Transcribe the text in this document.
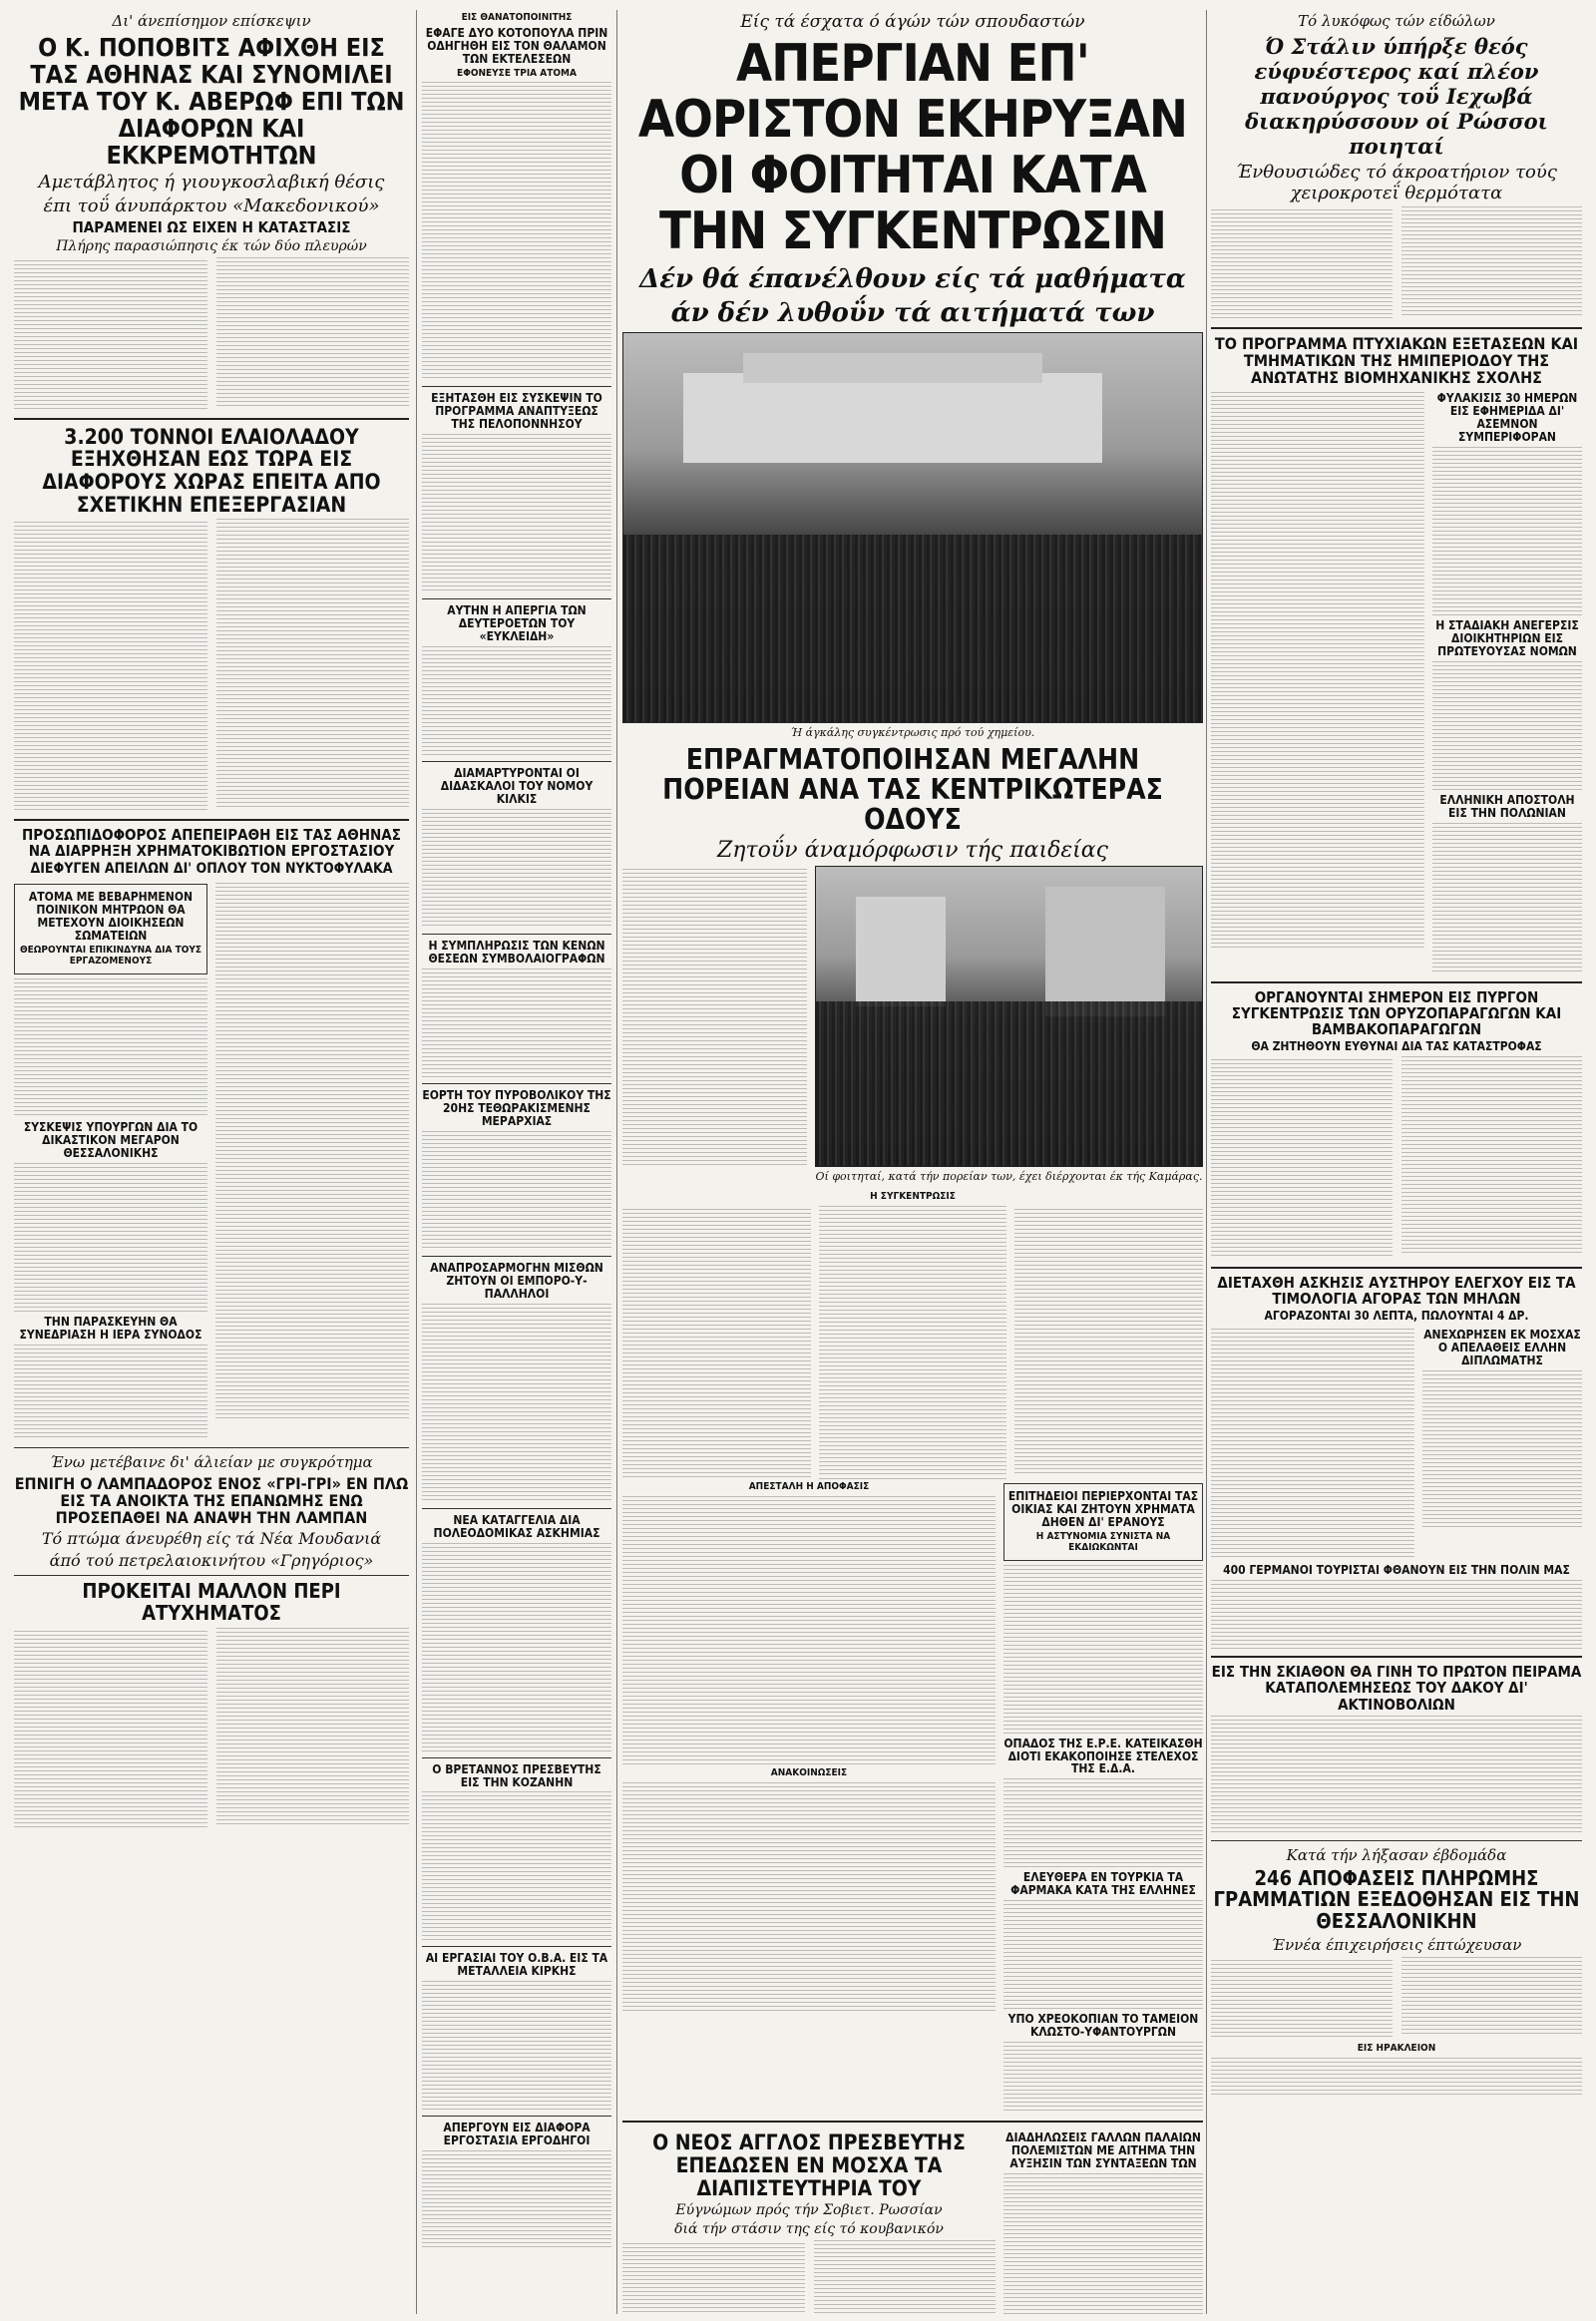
Δι' άνεπίσημον επίσκεψιν
Ο Κ. ΠΟΠΟΒΙΤΣ ΑΦΙΧΘΗ ΕΙΣ ΤΑΣ ΑΘΗΝΑΣ ΚΑΙ ΣΥΝΟΜΙΛΕΙ ΜΕΤΑ ΤΟΥ Κ. ΑΒΕΡΩΦ ΕΠΙ ΤΩΝ ΔΙΑΦΟΡΩΝ ΚΑΙ ΕΚΚΡΕΜΟΤΗΤΩΝ
Αμετάβλητος ή γιουγκοσλαβική θέσις
έπι τοΰ άνυπάρκτου «Μακεδονικού»
ΠΑΡΑΜΕΝΕΙ ΩΣ ΕΙΧΕΝ Η ΚΑΤΑΣΤΑΣΙΣ
Πλήρης παρασιώπησις έκ τών δύο πλευρών
3.200 ΤΟΝΝΟΙ ΕΛΑΙΟΛΑΔΟΥ ΕΞΗΧΘΗΣΑΝ ΕΩΣ ΤΩΡΑ ΕΙΣ ΔΙΑΦΟΡΟΥΣ ΧΩΡΑΣ ΕΠΕΙΤΑ ΑΠΟ ΣΧΕΤΙΚΗΝ ΕΠΕΞΕΡΓΑΣΙΑΝ
ΠΡΟΣΩΠΙΔΟΦΟΡΟΣ ΑΠΕΠΕΙΡΑΘΗ ΕΙΣ ΤΑΣ ΑΘΗΝΑΣ ΝΑ ΔΙΑΡΡΗΞΗ ΧΡΗΜΑΤΟΚΙΒΩΤΙΟΝ ΕΡΓΟΣΤΑΣΙΟΥ
ΔΙΕΦΥΓΕΝ ΑΠΕΙΛΩΝ ΔΙ' ΟΠΛΟΥ ΤΟΝ ΝΥΚΤΟΦΥΛΑΚΑ
ΑΤΟΜΑ ΜΕ ΒΕΒΑΡΗΜΕΝΟΝ ΠΟΙΝΙΚΟΝ ΜΗΤΡΩΟΝ ΘΑ ΜΕΤΕΧΟΥΝ ΔΙΟΙΚΗΣΕΩΝ ΣΩΜΑΤΕΙΩΝ
ΘΕΩΡΟΥΝΤΑΙ ΕΠΙΚΙΝΔΥΝΑ ΔΙΑ ΤΟΥΣ ΕΡΓΑΖΟΜΕΝΟΥΣ
ΣΥΣΚΕΨΙΣ ΥΠΟΥΡΓΩΝ ΔΙΑ ΤΟ ΔΙΚΑΣΤΙΚΟΝ ΜΕΓΑΡΟΝ ΘΕΣΣΑΛΟΝΙΚΗΣ
ΤΗΝ ΠΑΡΑΣΚΕΥΗΝ ΘΑ ΣΥΝΕΔΡΙΑΣΗ Η ΙΕΡΑ ΣΥΝΟΔΟΣ
Ένω μετέβαινε δι' άλιείαν με συγκρότημα
ΕΠΝΙΓΗ Ο ΛΑΜΠΑΔΟΡΟΣ ΕΝΟΣ «ΓΡΙ-ΓΡΙ» ΕΝ ΠΛΩ ΕΙΣ ΤΑ ΑΝΟΙΚΤΑ ΤΗΣ ΕΠΑΝΩΜΗΣ ΕΝΩ ΠΡΟΣΕΠΑΘΕΙ ΝΑ ΑΝΑΨΗ ΤΗΝ ΛΑΜΠΑΝ
Τό πτώμα άνευρέθη είς τά Νέα Μουδανιά
άπό τού πετρελαιοκινήτου «Γρηγόριος»
ΠΡΟΚΕΙΤΑΙ ΜΑΛΛΟΝ ΠΕΡΙ ΑΤΥΧΗΜΑΤΟΣ
ΕΙΣ ΘΑΝΑΤΟΠΟΙΝΙΤΗΣ
ΕΦΑΓΕ ΔΥΟ ΚΟΤΟΠΟΥΛΑ ΠΡΙΝ ΟΔΗΓΗΘΗ ΕΙΣ ΤΟΝ ΘΑΛΑΜΟΝ ΤΩΝ ΕΚΤΕΛΕΣΕΩΝ
ΕΦΟΝΕΥΣΕ ΤΡΙΑ ΑΤΟΜΑ
ΕΞΗΤΑΣΘΗ ΕΙΣ ΣΥΣΚΕΨΙΝ ΤΟ ΠΡΟΓΡΑΜΜΑ ΑΝΑΠΤΥΞΕΩΣ ΤΗΣ ΠΕΛΟΠΟΝΝΗΣΟΥ
ΑΥΤΗΝ Η ΑΠΕΡΓΙΑ ΤΩΝ ΔΕΥΤΕΡΟΕΤΩΝ ΤΟΥ «ΕΥΚΛΕΙΔΗ»
ΔΙΑΜΑΡΤΥΡΟΝΤΑΙ ΟΙ ΔΙΔΑΣΚΑΛΟΙ ΤΟΥ ΝΟΜΟΥ ΚΙΛΚΙΣ
Η ΣΥΜΠΛΗΡΩΣΙΣ ΤΩΝ ΚΕΝΩΝ ΘΕΣΕΩΝ ΣΥΜΒΟΛΑΙΟΓΡΑΦΩΝ
ΕΟΡΤΗ ΤΟΥ ΠΥΡΟΒΟΛΙΚΟΥ ΤΗΣ 20ΗΣ ΤΕΘΩΡΑΚΙΣΜΕΝΗΣ ΜΕΡΑΡΧΙΑΣ
ΑΝΑΠΡΟΣΑΡΜΟΓΗΝ ΜΙΣΘΩΝ ΖΗΤΟΥΝ ΟΙ ΕΜΠΟΡΟ-Υ-ΠΑΛΛΗΛΟΙ
ΝΕΑ ΚΑΤΑΓΓΕΛΙΑ ΔΙΑ ΠΟΛΕΟΔΟΜΙΚΑΣ ΑΣΚΗΜΙΑΣ
Ο ΒΡΕΤΑΝΝΟΣ ΠΡΕΣΒΕΥΤΗΣ ΕΙΣ ΤΗΝ ΚΟΖΑΝΗΝ
ΑΙ ΕΡΓΑΣΙΑΙ ΤΟΥ Ο.Β.Α. ΕΙΣ ΤΑ ΜΕΤΑΛΛΕΙΑ ΚΙΡΚΗΣ
ΑΠΕΡΓΟΥΝ ΕΙΣ ΔΙΑΦΟΡΑ ΕΡΓΟΣΤΑΣΙΑ ΕΡΓΟΔΗΓΟΙ
Είς τά έσχατα ό άγών τών σπουδαστών
ΑΠΕΡΓΙΑΝ ΕΠ' ΑΟΡΙΣΤΟΝ ΕΚΗΡΥΞΑΝ ΟΙ ΦΟΙΤΗΤΑΙ ΚΑΤΑ ΤΗΝ ΣΥΓΚΕΝΤΡΩΣΙΝ
Δέν θά έπανέλθουν είς τά μαθήματα
άν δέν λυθοΰν τά αιτήματά των
Ή άγκάλης συγκέντρωσις πρό τού χημείου.
ΕΠΡΑΓΜΑΤΟΠΟΙΗΣΑΝ ΜΕΓΑΛΗΝ ΠΟΡΕΙΑΝ ΑΝΑ ΤΑΣ ΚΕΝΤΡΙΚΩΤΕΡΑΣ ΟΔΟΥΣ
Ζητοΰν άναμόρφωσιν τής παιδείας
Οί φοιτηταί, κατά τήν πορείαν των, έχει διέρχονται έκ τής Καμάρας.
Η ΣΥΓΚΕΝΤΡΩΣΙΣ
ΑΠΕΣΤΑΛΗ Η ΑΠΟΦΑΣΙΣ
ΑΝΑΚΟΙΝΩΣΕΙΣ
ΕΠΙΤΗΔΕΙΟΙ ΠΕΡΙΕΡΧΟΝΤΑΙ ΤΑΣ ΟΙΚΙΑΣ ΚΑΙ ΖΗΤΟΥΝ ΧΡΗΜΑΤΑ ΔΗΘΕΝ ΔΙ' ΕΡΑΝΟΥΣ
Η ΑΣΤΥΝΟΜΙΑ ΣΥΝΙΣΤΑ ΝΑ ΕΚΔΙΩΚΩΝΤΑΙ
ΟΠΑΔΟΣ ΤΗΣ Ε.Ρ.Ε. ΚΑΤΕΙΚΑΣΘΗ ΔΙΟΤΙ ΕΚΑΚΟΠΟΙΗΣΕ ΣΤΕΛΕΧΟΣ ΤΗΣ Ε.Δ.Α.
ΕΛΕΥΘΕΡΑ ΕΝ ΤΟΥΡΚΙΑ ΤΑ ΦΑΡΜΑΚΑ ΚΑΤΑ ΤΗΣ ΕΛΛΗΝΕΣ
ΥΠΟ ΧΡΕΟΚΟΠΙΑΝ ΤΟ ΤΑΜΕΙΟΝ ΚΛΩΣΤΟ-ΥΦΑΝΤΟΥΡΓΩΝ
Ο ΝΕΟΣ ΑΓΓΛΟΣ ΠΡΕΣΒΕΥΤΗΣ ΕΠΕΔΩΣΕΝ ΕΝ ΜΟΣΧΑ ΤΑ ΔΙΑΠΙΣΤΕΥΤΗΡΙΑ ΤΟΥ
Εύγνώμων πρός τήν Σοβιετ. Ρωσσίαν
διά τήν στάσιν της είς τό κουβανικόν
ΔΙΑΔΗΛΩΣΕΙΣ ΓΑΛΛΩΝ ΠΑΛΑΙΩΝ ΠΟΛΕΜΙΣΤΩΝ ΜΕ ΑΙΤΗΜΑ ΤΗΝ ΑΥΞΗΣΙΝ ΤΩΝ ΣΥΝΤΑΞΕΩΝ ΤΩΝ
Τό λυκόφως τών είδώλων
Ό Στάλιν ύπήρξε θεός εύφυέστερος καί πλέον πανούργος τοΰ Ιεχωβά διακηρύσσουν οί Ρώσσοι ποιηταί
Ένθουσιώδες τό άκροατήριον τούς χειροκροτεΐ θερμότατα
ΤΟ ΠΡΟΓΡΑΜΜΑ ΠΤΥΧΙΑΚΩΝ ΕΞΕΤΑΣΕΩΝ ΚΑΙ ΤΜΗΜΑΤΙΚΩΝ ΤΗΣ ΗΜΙΠΕΡΙΟΔΟΥ ΤΗΣ ΑΝΩΤΑΤΗΣ ΒΙΟΜΗΧΑΝΙΚΗΣ ΣΧΟΛΗΣ
ΦΥΛΑΚΙΣΙΣ 30 ΗΜΕΡΩΝ ΕΙΣ ΕΦΗΜΕΡΙΔΑ ΔΙ' ΑΣΕΜΝΟΝ ΣΥΜΠΕΡΙΦΟΡΑΝ
Η ΣΤΑΔΙΑΚΗ ΑΝΕΓΕΡΣΙΣ ΔΙΟΙΚΗΤΗΡΙΩΝ ΕΙΣ ΠΡΩΤΕΥΟΥΣΑΣ ΝΟΜΩΝ
ΕΛΛΗΝΙΚΗ ΑΠΟΣΤΟΛΗ ΕΙΣ ΤΗΝ ΠΟΛΩΝΙΑΝ
ΟΡΓΑΝΟΥΝΤΑΙ ΣΗΜΕΡΟΝ ΕΙΣ ΠΥΡΓΟΝ ΣΥΓΚΕΝΤΡΩΣΙΣ ΤΩΝ ΟΡΥΖΟΠΑΡΑΓΩΓΩΝ ΚΑΙ ΒΑΜΒΑΚΟΠΑΡΑΓΩΓΩΝ
ΘΑ ΖΗΤΗΘΟΥΝ ΕΥΘΥΝΑΙ ΔΙΑ ΤΑΣ ΚΑΤΑΣΤΡΟΦΑΣ
ΔΙΕΤΑΧΘΗ ΑΣΚΗΣΙΣ ΑΥΣΤΗΡΟΥ ΕΛΕΓΧΟΥ ΕΙΣ ΤΑ ΤΙΜΟΛΟΓΙΑ ΑΓΟΡΑΣ ΤΩΝ ΜΗΛΩΝ
ΑΓΟΡΑΖΟΝΤΑΙ 30 ΛΕΠΤΑ, ΠΩΛΟΥΝΤΑΙ 4 ΔΡ.
ΑΝΕΧΩΡΗΣΕΝ ΕΚ ΜΟΣΧΑΣ Ο ΑΠΕΛΑΘΕΙΣ ΕΛΛΗΝ ΔΙΠΛΩΜΑΤΗΣ
400 ΓΕΡΜΑΝΟΙ ΤΟΥΡΙΣΤΑΙ ΦΘΑΝΟΥΝ ΕΙΣ ΤΗΝ ΠΟΛΙΝ ΜΑΣ
ΕΙΣ ΤΗΝ ΣΚΙΑΘΟΝ ΘΑ ΓΙΝΗ ΤΟ ΠΡΩΤΟΝ ΠΕΙΡΑΜΑ ΚΑΤΑΠΟΛΕΜΗΣΕΩΣ ΤΟΥ ΔΑΚΟΥ ΔΙ' ΑΚΤΙΝΟΒΟΛΙΩΝ
Κατά τήν λήξασαν έβδομάδα
246 ΑΠΟΦΑΣΕΙΣ ΠΛΗΡΩΜΗΣ ΓΡΑΜΜΑΤΙΩΝ ΕΞΕΔΟΘΗΣΑΝ ΕΙΣ ΤΗΝ ΘΕΣΣΑΛΟΝΙΚΗΝ
Έννέα έπιχειρήσεις έπτώχευσαν
ΕΙΣ ΗΡΑΚΛΕΙΟΝ
